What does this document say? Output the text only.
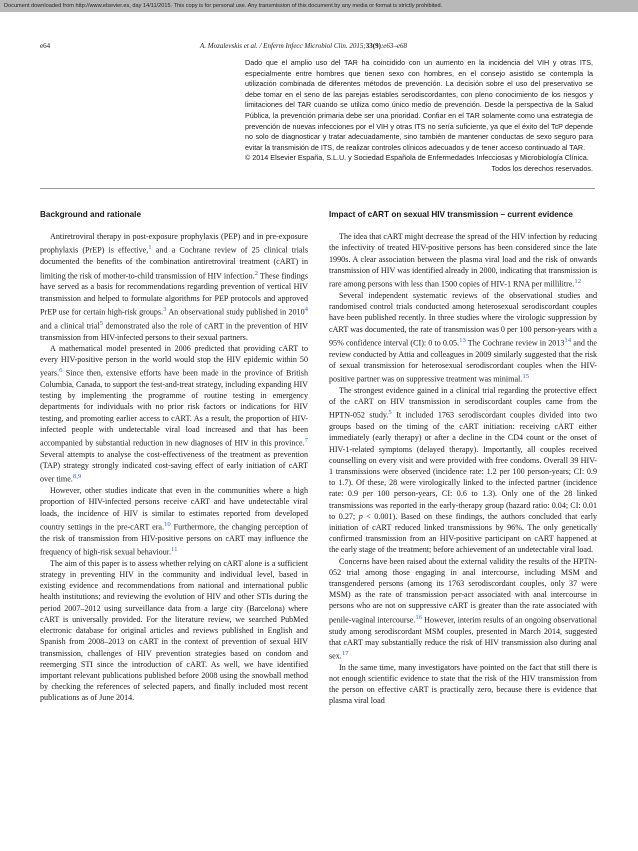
Document downloaded from http://www.elsevier.es, day 14/11/2015. This copy is for personal use. Any transmission of this document by any media or format is strictly prohibited.
e64	A. Mozalevskis et al. / Enferm Infecc Microbiol Clin. 2015;33(9):e63–e68

Dado que el amplio uso del TAR ha coincidido con un aumento en la incidencia del VIH y otras ITS, especialmente entre hombres que tienen sexo con hombres, en el consejo asistido se contempla la utilización combinada de diferentes métodos de prevención. La decisión sobre el uso del preservativo se debe tomar en el seno de las parejas estables serodiscordantes, con pleno conocimiento de los riesgos y limitaciones del TAR cuando se utiliza como único medio de prevención. Desde la perspectiva de la Salud Pública, la prevención primaria debe ser una prioridad. Confiar en el TAR solamente como una estrategia de prevención de nuevas infecciones por el VIH y otras ITS no sería suficiente, ya que el éxito del TcP depende no solo de diagnosticar y tratar adecuadamente, sino también de mantener conductas de sexo seguro para evitar la transmisión de ITS, de realizar controles clínicos adecuados y de tener acceso continuado al TAR.

© 2014 Elsevier España, S.L.U. y Sociedad Española de Enfermedades Infecciosas y Microbiología Clínica.

Todos los derechos reservados.

Background and rationale

Antiretroviral therapy in post-exposure prophylaxis (PEP) and in pre-exposure prophylaxis (PrEP) is effective,$^1$ and a Cochrane review of 25 clinical trials documented the benefits of the combination antiretroviral treatment (cART) in limiting the risk of mother-to-child transmission of HIV infection.$^2$ These findings have served as a basis for recommendations regarding prevention of vertical HIV transmission and helped to formulate algorithms for PEP protocols and approved PrEP use for certain high-risk groups.$^3$ An observational study published in 2010$^4$ and a clinical trial$^5$ demonstrated also the role of cART in the prevention of HIV transmission from HIV-infected persons to their sexual partners.

A mathematical model presented in 2006 predicted that providing cART to every HIV-positive person in the world would stop the HIV epidemic within 50 years.$^6$ Since then, extensive efforts have been made in the province of British Columbia, Canada, to support the test-and-treat strategy, including expanding HIV testing by implementing the programme of routine testing in emergency departments for individuals with no prior risk factors or indications for HIV testing, and promoting earlier access to cART. As a result, the proportion of HIV-infected people with undetectable viral load increased and that has been accompanied by substantial reduction in new diagnoses of HIV in this province.$^7$ Several attempts to analyse the cost-effectiveness of the treatment as prevention (TAP) strategy strongly indicated cost-saving effect of early initiation of cART over time.$^{8,9}$

However, other studies indicate that even in the communities where a high proportion of HIV-infected persons receive cART and have undetectable viral loads, the incidence of HIV is similar to estimates reported from developed country settings in the pre-cART era.$^{10}$ Furthermore, the changing perception of the risk of transmission from HIV-positive persons on cART may influence the frequency of high-risk sexual behaviour.$^{11}$

The aim of this paper is to assess whether relying on cART alone is a sufficient strategy in preventing HIV in the community and individual level, based in existing evidence and recommendations from national and international public health institutions; and reviewing the evolution of HIV and other STIs during the period 2007–2012 using surveillance data from a large city (Barcelona) where cART is universally provided. For the literature review, we searched PubMed electronic database for original articles and reviews published in English and Spanish from 2008–2013 on cART in the context of prevention of sexual HIV transmission, challenges of HIV prevention strategies based on condom and reemerging STI since the introduction of cART. As well, we have identified important relevant publications published before 2008 using the snowball method by checking the references of selected papers, and finally included most recent publications as of June 2014.

Impact of cART on sexual HIV transmission – current evidence

The idea that cART might decrease the spread of the HIV infection by reducing the infectivity of treated HIV-positive persons has been considered since the late 1990s. A clear association between the plasma viral load and the risk of onwards transmission of HIV was identified already in 2000, indicating that transmission is rare among persons with less than 1500 copies of HIV-1 RNA per millilitre.$^{12}$

Several independent systematic reviews of the observational studies and randomised control trials conducted among heterosexual serodiscordant couples have been published recently. In three studies where the virologic suppression by cART was documented, the rate of transmission was 0 per 100 person-years with a 95% confidence interval (CI): 0 to 0.05.13 The Cochrane review in 2013$^{14}$ and the review conducted by Attia and colleagues in 2009 similarly suggested that the risk of sexual transmission for heterosexual serodiscordant couples when the HIV-positive partner was on suppressive treatment was minimal.$^{15}$

The strongest evidence gained in a clinical trial regarding the protective effect of the cART on HIV transmission in serodiscordant couples came from the HPTN-052 study.$^5$ It included 1763 serodiscordant couples divided into two groups based on the timing of the cART initiation: receiving cART either immediately (early therapy) or after a decline in the CD4 count or the onset of HIV-1-related symptoms (delayed therapy). Importantly, all couples received counselling on every visit and were provided with free condoms. Overall 39 HIV-1 transmissions were observed (incidence rate: 1.2 per 100 person-years; CI: 0.9 to 1.7). Of these, 28 were virologically linked to the infected partner (incidence rate: 0.9 per 100 person-years, CI: 0.6 to 1.3). Only one of the 28 linked transmissions was reported in the early-therapy group (hazard ratio: 0.04; CI: 0.01 to 0.27; p < 0.001). Based on these findings, the authors concluded that early initiation of cART reduced linked transmissions by 96%. The only genetically confirmed transmission from an HIV-positive participant on cART happened at the early stage of the treatment; before achievement of an undetectable viral load.

Concerns have been raised about the external validity the results of the HPTN-052 trial among those engaging in anal intercourse, including MSM and transgendered persons (among its 1763 serodiscordant couples, only 37 were MSM) as the rate of transmission per-act associated with anal intercourse in persons who are not on suppressive cART is greater than the rate associated with penile-vaginal intercourse.$^{16}$ However, interim results of an ongoing observational study among serodiscordant MSM couples, presented in March 2014, suggested that cART may substantially reduce the risk of HIV transmission also during anal sex.$^{17}$

In the same time, many investigators have pointed on the fact that still there is not enough scientific evidence to state that the risk of the HIV transmission from the person on effective cART is practically zero, because there is evidence that plasma viral load
